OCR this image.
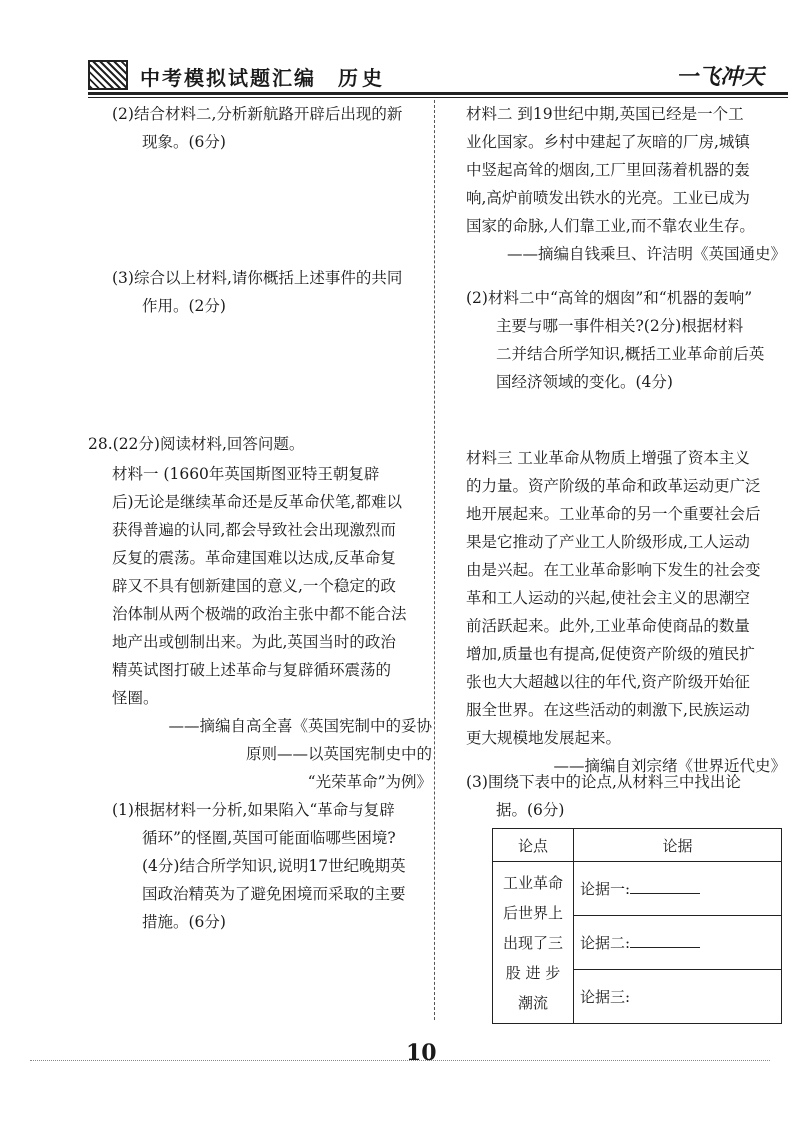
中考模拟试题汇编 历史	一飞冲天

(2)结合材料二,分析新航路开辟后出现的新

现象。(6分)

(3)综合以上材料,请你概括上述事件的共同

作用。(2分)

28.(22分)阅读材料,回答问题。

材料一 (1660年英国斯图亚特王朝复辟

后)无论是继续革命还是反革命伏笔,都难以

获得普遍的认同,都会导致社会出现激烈而

反复的震荡。革命建国难以达成,反革命复

辟又不具有刨新建国的意义,一个稳定的政

治体制从两个极端的政治主张中都不能合法

地产出或刨制出来。为此,英国当时的政治

精英试图打破上述革命与复辟循环震荡的

怪圈。

——摘编自高全喜《英国宪制中的妥协

原则——以英国宪制史中的

“光荣革命”为例》

(1)根据材料一分析,如果陷入“革命与复辟

循环”的怪圈,英国可能面临哪些困境?

(4分)结合所学知识,说明17世纪晚期英

国政治精英为了避免困境而采取的主要

措施。(6分)

材料二 到19世纪中期,英国已经是一个工

业化国家。乡村中建起了灰暗的厂房,城镇

中竖起高耸的烟囱,工厂里回荡着机器的轰

响,高炉前喷发出铁水的光亮。工业已成为

国家的命脉,人们靠工业,而不靠农业生存。

——摘编自钱乘旦、许洁明《英国通史》

(2)材料二中“高耸的烟囱”和“机器的轰响”

主要与哪一事件相关?(2分)根据材料

二并结合所学知识,概括工业革命前后英

国经济领域的变化。(4分)

材料三 工业革命从物质上增强了资本主义

的力量。资产阶级的革命和政革运动更广泛

地开展起来。工业革命的另一个重要社会后

果是它推动了产业工人阶级形成,工人运动

由是兴起。在工业革命影响下发生的社会变

革和工人运动的兴起,使社会主义的思潮空

前活跃起来。此外,工业革命使商品的数量

增加,质量也有提高,促使资产阶级的殖民扩

张也大大超越以往的年代,资产阶级开始征

服全世界。在这些活动的刺激下,民族运动

更大规模地发展起来。

——摘编自刘宗绪《世界近代史》

(3)围绕下表中的论点,从材料三中找出论

据。(6分)

论点	论据

工业革命
后世界上
出现了三
股 进 步
潮流	论据一:
	论据二:
	论据三:
10
